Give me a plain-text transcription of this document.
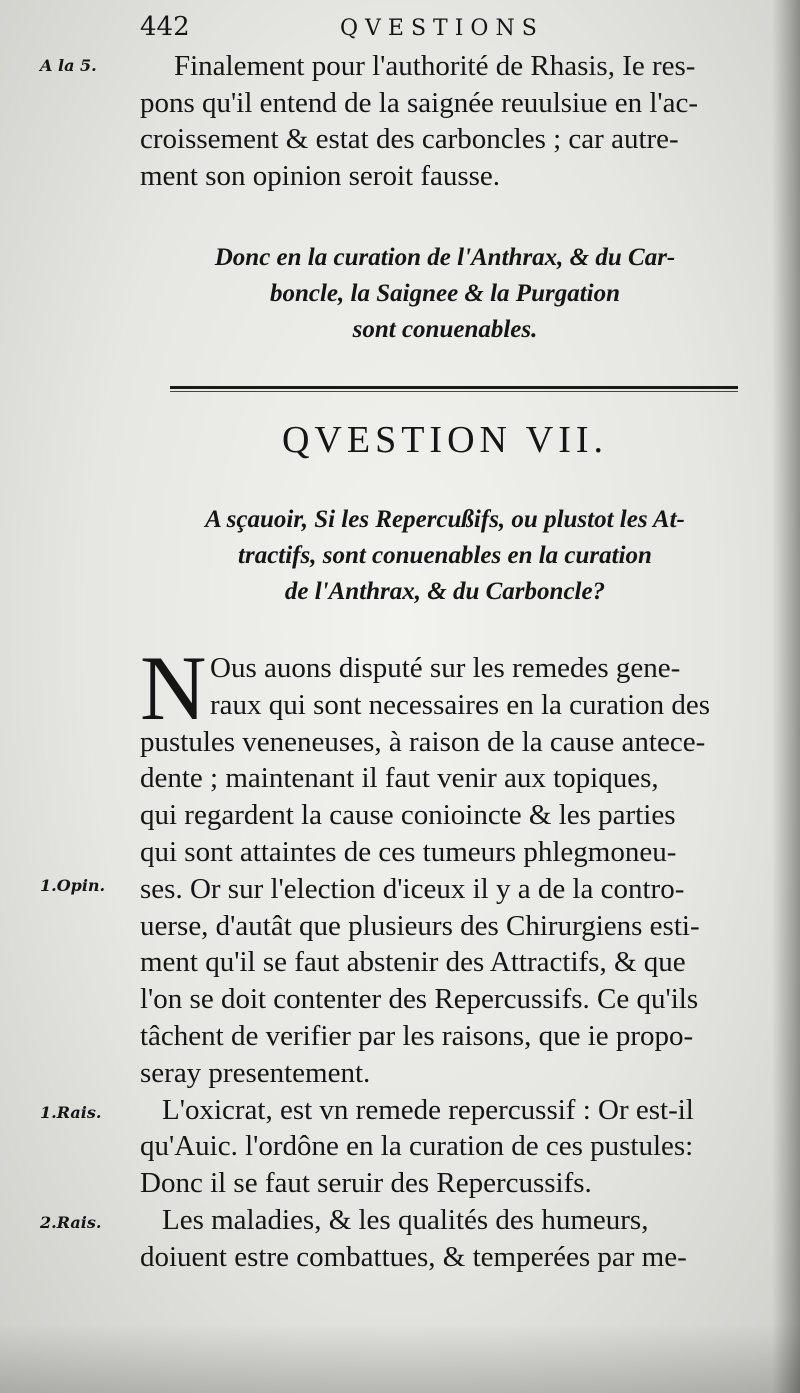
442	QVESTIONS
A la 5.	Finalement pour l'authorité de Rhasis, Ie res-
pons qu'il entend de la saignée reuulsiue en l'ac-
croissement & estat des carboncles ; car autre-
ment son opinion seroit fausse.
Donc en la curation de l'Anthrax, & du Car-
boncle, la Saignee & la Purgation
sont conuenables.
QVESTION VII.
A sçauoir, Si les Repercußifs, ou plustot les At-
tractifs, sont conuenables en la curation
de l'Anthrax, & du Carboncle?
N Ous auons disputé sur les remedes gene-
raux qui sont necessaires en la curation des
pustules veneneuses, à raison de la cause antece-
dente ; maintenant il faut venir aux topiques,
qui regardent la cause conioincte & les parties
qui sont attaintes de ces tumeurs phlegmoneu-
ses. Or sur l'election d'iceux il y a de la contro-
uerse, d'autât que plusieurs des Chirurgiens esti-
ment qu'il se faut abstenir des Attractifs, & que
l'on se doit contenter des Repercussifs. Ce qu'ils
tâchent de verifier par les raisons, que ie propo-
seray presentement.
L'oxicrat, est vn remede repercussif : Or est-il
qu'Auic. l'ordône en la curation de ces pustules:
Donc il se faut seruir des Repercussifs.
Les maladies, & les qualités des humeurs,
doiuent estre combattues, & temperées par me-
1.Opin.
1.Rais.
2.Rais.
